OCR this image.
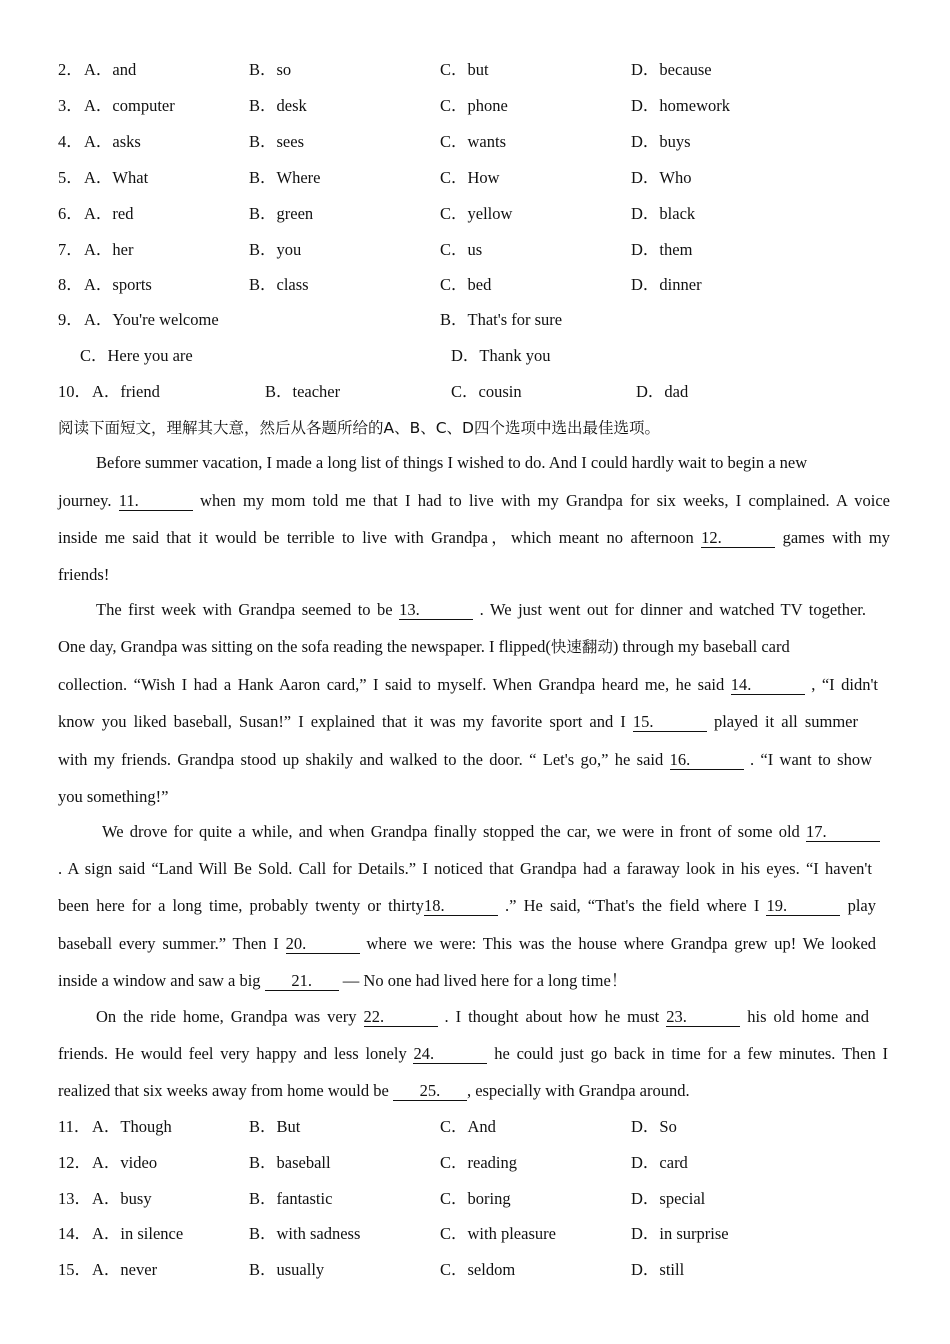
2． A．and	B．so	C．but	D．because
3． A．computer	B．desk	C．phone	D．homework
4． A．asks	B．sees	C．wants	D．buys
5． A．What	B．Where	C．How	D．Who
6． A．red	B．green	C．yellow	D．black
7． A．her	B．you	C．us	D．them
8． A．sports	B．class	C．bed	D．dinner
9． A．You're welcome	B．That's for sure
C．Here you are	D．Thank you
10． A．friend	B．teacher	C．cousin	D．dad
阅读下面短文，理解其大意，然后从各题所给的A、B、C、D四个选项中选出最佳选项。
Before summer vacation, I made a long list of things I wished to do. And I could hardly wait to begin a new
journey. 11.	when my mom told me that I had to live with my Grandpa for six weeks, I complained. A voice
inside me said that it would be terrible to live with Grandpa，which meant no afternoon 12.	games with my
friends!
The first week with Grandpa seemed to be 13.	. We just went out for dinner and watched TV together.
One day, Grandpa was sitting on the sofa reading the newspaper. I flipped(快速翻动) through my baseball card
collection. “Wish I had a Hank Aaron card,” I said to myself. When Grandpa heard me, he said 14.	, “I didn't
know you liked baseball, Susan!” I explained that it was my favorite sport and I 15.	played it all summer
with my friends. Grandpa stood up shakily and walked to the door. “ Let's go,” he said 16.	. “I want to show
you something!”
We drove for quite a while, and when Grandpa finally stopped the car, we were in front of some old 17.
. A sign said “Land Will Be Sold. Call for Details.” I noticed that Grandpa had a faraway look in his eyes. “I haven't
been here for a long time, probably twenty or thirty18.	.” He said, “That's the field where I 19.	play
baseball every summer.” Then I 20.	where we were: This was the house where Grandpa grew up! We looked
inside a window and saw a big 21. — No one had lived here for a long time！
On the ride home, Grandpa was very 22.	. I thought about how he must 23.	his old home and
friends. He would feel very happy and less lonely 24.	he could just go back in time for a few minutes. Then I
realized that six weeks away from home would be 25. , especially with Grandpa around.
11． A．Though	B．But	C．And	D．So
12． A．video	B．baseball	C．reading	D．card
13． A．busy	B．fantastic	C．boring	D．special
14． A．in silence	B．with sadness	C．with pleasure	D．in surprise
15． A．never	B．usually	C．seldom	D．still
